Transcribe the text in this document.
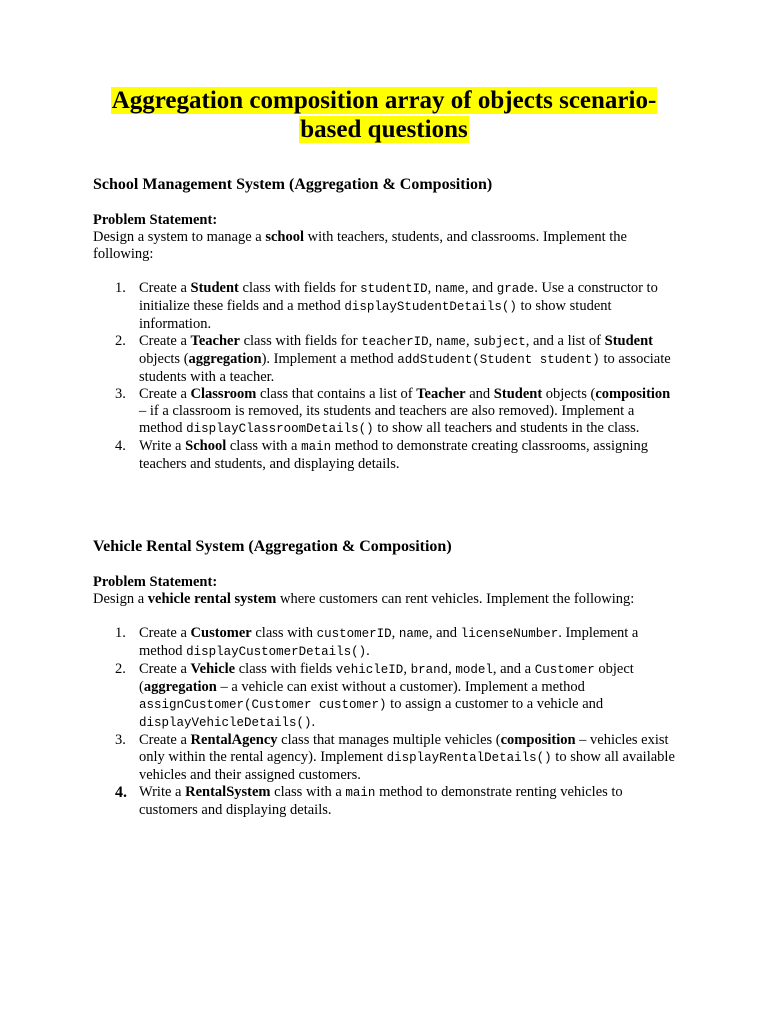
Aggregation composition array of objects scenario-
based questions
School Management System (Aggregation & Composition)
Problem Statement:
Design a system to manage a school with teachers, students, and classrooms. Implement the following:
1. Create a Student class with fields for studentID, name, and grade. Use a constructor to initialize these fields and a method displayStudentDetails() to show student information.
2. Create a Teacher class with fields for teacherID, name, subject, and a list of Student objects (aggregation). Implement a method addStudent(Student student) to associate students with a teacher.
3. Create a Classroom class that contains a list of Teacher and Student objects (composition – if a classroom is removed, its students and teachers are also removed). Implement a method displayClassroomDetails() to show all teachers and students in the class.
4. Write a School class with a main method to demonstrate creating classrooms, assigning teachers and students, and displaying details.
Vehicle Rental System (Aggregation & Composition)
Problem Statement:
Design a vehicle rental system where customers can rent vehicles. Implement the following:
1. Create a Customer class with customerID, name, and licenseNumber. Implement a method displayCustomerDetails().
2. Create a Vehicle class with fields vehicleID, brand, model, and a Customer object (aggregation – a vehicle can exist without a customer). Implement a method assignCustomer(Customer customer) to assign a customer to a vehicle and displayVehicleDetails().
3. Create a RentalAgency class that manages multiple vehicles (composition – vehicles exist only within the rental agency). Implement displayRentalDetails() to show all available vehicles and their assigned customers.
4. Write a RentalSystem class with a main method to demonstrate renting vehicles to customers and displaying details.
